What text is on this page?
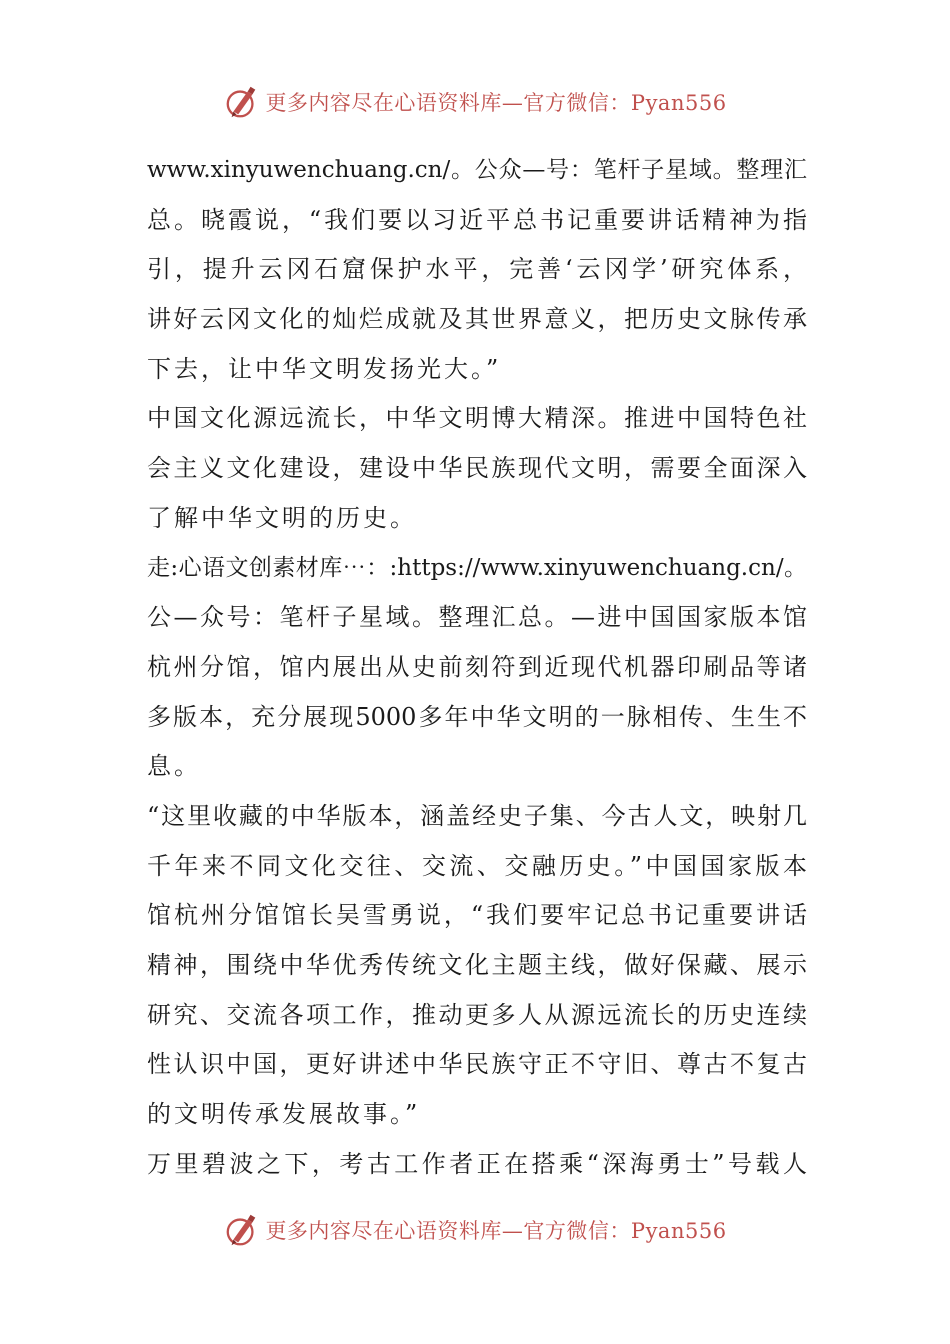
更多内容尽在心语资料库—官方微信：Pyan556
www.xinyuwenchuang.cn/。公众—号：笔杆子星域。整理汇
总。晓霞说，“我们要以习近平总书记重要讲话精神为指
引，提升云冈石窟保护水平，完善‘云冈学’研究体系，
讲好云冈文化的灿烂成就及其世界意义，把历史文脉传承
下去，让中华文明发扬光大。”
中国文化源远流长，中华文明博大精深。推进中国特色社
会主义文化建设，建设中华民族现代文明，需要全面深入
了解中华文明的历史。
走:心语文创素材库⋯：:https://www.xinyuwenchuang.cn/。
公—众号：笔杆子星域。整理汇总。—进中国国家版本馆
杭州分馆，馆内展出从史前刻符到近现代机器印刷品等诸
多版本，充分展现5000多年中华文明的一脉相传、生生不
息。
“这里收藏的中华版本，涵盖经史子集、今古人文，映射几
千年来不同文化交往、交流、交融历史。”中国国家版本
馆杭州分馆馆长吴雪勇说，“我们要牢记总书记重要讲话
精神，围绕中华优秀传统文化主题主线，做好保藏、展示
研究、交流各项工作，推动更多人从源远流长的历史连续
性认识中国，更好讲述中华民族守正不守旧、尊古不复古
的文明传承发展故事。”
万里碧波之下，考古工作者正在搭乘“深海勇士”号载人
更多内容尽在心语资料库—官方微信：Pyan556
